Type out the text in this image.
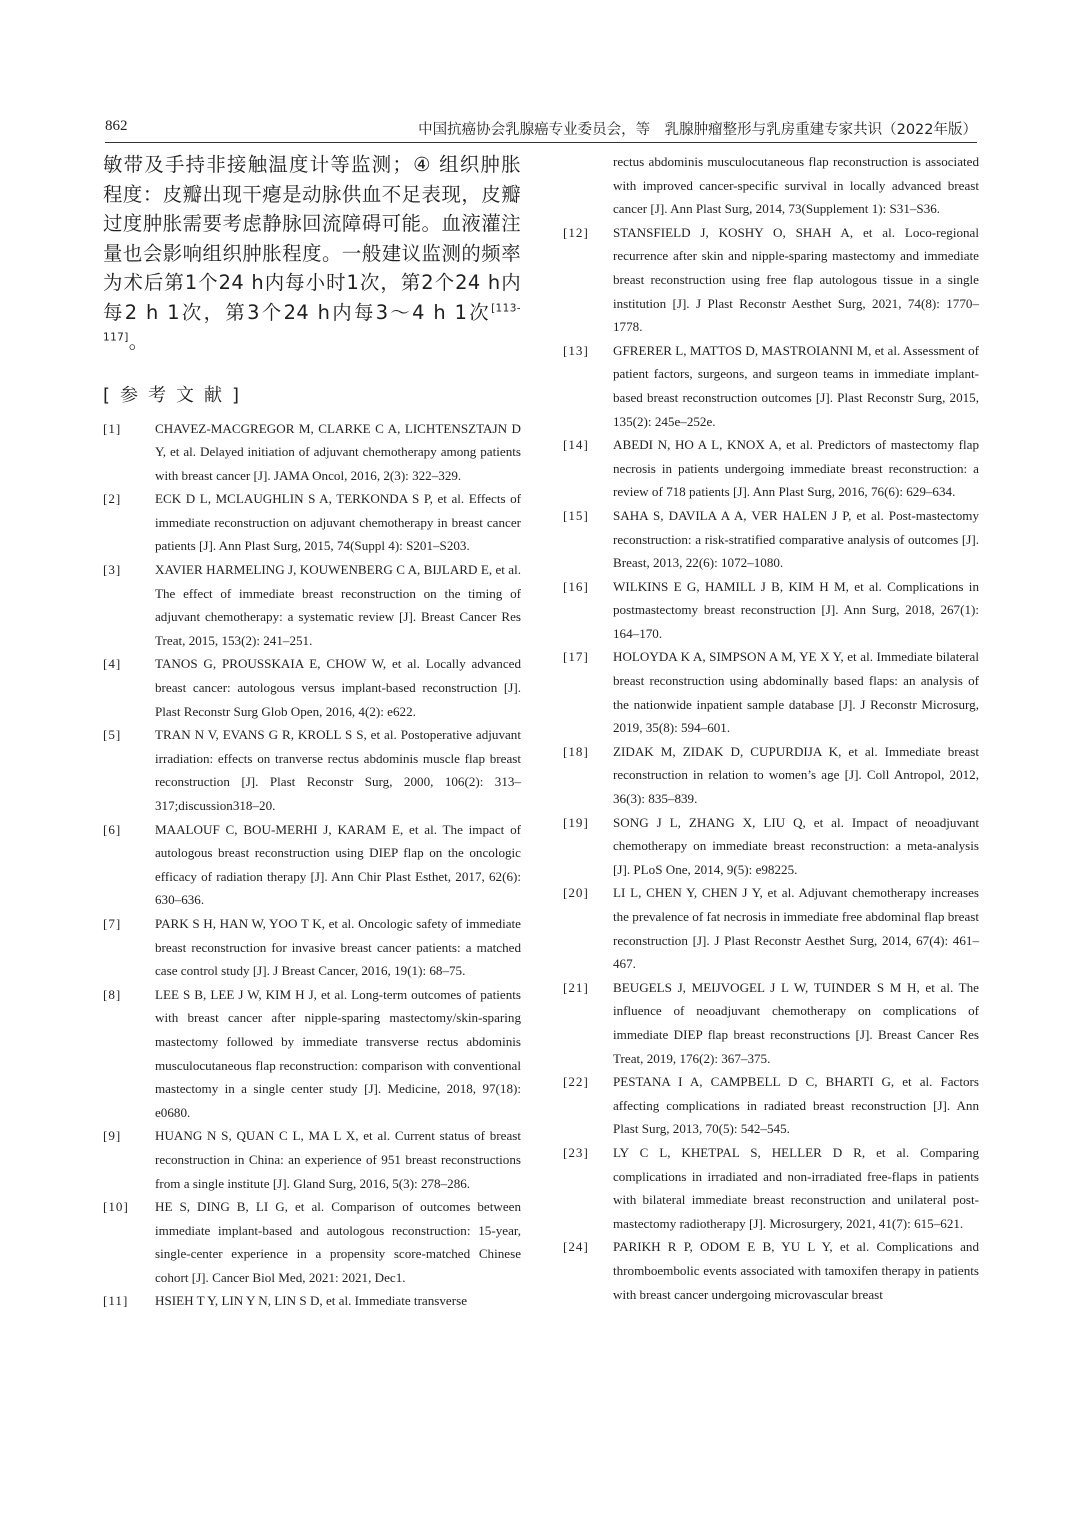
862	中国抗癌协会乳腺癌专业委员会，等　乳腺肿瘤整形与乳房重建专家共识（2022年版）

敏带及手持非接触温度计等监测；④ 组织肿胀程度：皮瓣出现干瘪是动脉供血不足表现，皮瓣过度肿胀需要考虑静脉回流障碍可能。血液灌注量也会影响组织肿胀程度。一般建议监测的频率为术后第1个24 h内每小时1次，第2个24 h内每2 h 1次，第3个24 h内每3～4 h 1次[113-117]。

[参考文献]
[1]	CHAVEZ-MACGREGOR M, CLARKE C A, LICHTENSZTAJN D Y, et al. Delayed initiation of adjuvant chemotherapy among patients with breast cancer [J]. JAMA Oncol, 2016, 2(3): 322–329.
[2]	ECK D L, MCLAUGHLIN S A, TERKONDA S P, et al. Effects of immediate reconstruction on adjuvant chemotherapy in breast cancer patients [J]. Ann Plast Surg, 2015, 74(Suppl 4): S201–S203.
[3]	XAVIER HARMELING J, KOUWENBERG C A, BIJLARD E, et al. The effect of immediate breast reconstruction on the timing of adjuvant chemotherapy: a systematic review [J]. Breast Cancer Res Treat, 2015, 153(2): 241–251.
[4]	TANOS G, PROUSSKAIA E, CHOW W, et al. Locally advanced breast cancer: autologous versus implant-based reconstruction [J]. Plast Reconstr Surg Glob Open, 2016, 4(2): e622.
[5]	TRAN N V, EVANS G R, KROLL S S, et al. Postoperative adjuvant irradiation: effects on tranverse rectus abdominis muscle flap breast reconstruction [J]. Plast Reconstr Surg, 2000, 106(2): 313–317;discussion318–20.
[6]	MAALOUF C, BOU-MERHI J, KARAM E, et al. The impact of autologous breast reconstruction using DIEP flap on the oncologic efficacy of radiation therapy [J]. Ann Chir Plast Esthet, 2017, 62(6): 630–636.
[7]	PARK S H, HAN W, YOO T K, et al. Oncologic safety of immediate breast reconstruction for invasive breast cancer patients: a matched case control study [J]. J Breast Cancer, 2016, 19(1): 68–75.
[8]	LEE S B, LEE J W, KIM H J, et al. Long-term outcomes of patients with breast cancer after nipple-sparing mastectomy/skin-sparing mastectomy followed by immediate transverse rectus abdominis musculocutaneous flap reconstruction: comparison with conventional mastectomy in a single center study [J]. Medicine, 2018, 97(18): e0680.
[9]	HUANG N S, QUAN C L, MA L X, et al. Current status of breast reconstruction in China: an experience of 951 breast reconstructions from a single institute [J]. Gland Surg, 2016, 5(3): 278–286.
[10]	HE S, DING B, LI G, et al. Comparison of outcomes between immediate implant-based and autologous reconstruction: 15-year, single-center experience in a propensity score-matched Chinese cohort [J]. Cancer Biol Med, 2021: 2021, Dec1.
[11]	HSIEH T Y, LIN Y N, LIN S D, et al. Immediate transverse
rectus abdominis musculocutaneous flap reconstruction is associated with improved cancer-specific survival in locally advanced breast cancer [J]. Ann Plast Surg, 2014, 73(Supplement 1): S31–S36.
[12]	STANSFIELD J, KOSHY O, SHAH A, et al. Loco-regional recurrence after skin and nipple-sparing mastectomy and immediate breast reconstruction using free flap autologous tissue in a single institution [J]. J Plast Reconstr Aesthet Surg, 2021, 74(8): 1770–1778.
[13]	GFRERER L, MATTOS D, MASTROIANNI M, et al. Assessment of patient factors, surgeons, and surgeon teams in immediate implant-based breast reconstruction outcomes [J]. Plast Reconstr Surg, 2015, 135(2): 245e–252e.
[14]	ABEDI N, HO A L, KNOX A, et al. Predictors of mastectomy flap necrosis in patients undergoing immediate breast reconstruction: a review of 718 patients [J]. Ann Plast Surg, 2016, 76(6): 629–634.
[15]	SAHA S, DAVILA A A, VER HALEN J P, et al. Post-mastectomy reconstruction: a risk-stratified comparative analysis of outcomes [J]. Breast, 2013, 22(6): 1072–1080.
[16]	WILKINS E G, HAMILL J B, KIM H M, et al. Complications in postmastectomy breast reconstruction [J]. Ann Surg, 2018, 267(1): 164–170.
[17]	HOLOYDA K A, SIMPSON A M, YE X Y, et al. Immediate bilateral breast reconstruction using abdominally based flaps: an analysis of the nationwide inpatient sample database [J]. J Reconstr Microsurg, 2019, 35(8): 594–601.
[18]	ZIDAK M, ZIDAK D, CUPURDIJA K, et al. Immediate breast reconstruction in relation to women’s age [J]. Coll Antropol, 2012, 36(3): 835–839.
[19]	SONG J L, ZHANG X, LIU Q, et al. Impact of neoadjuvant chemotherapy on immediate breast reconstruction: a meta-analysis [J]. PLoS One, 2014, 9(5): e98225.
[20]	LI L, CHEN Y, CHEN J Y, et al. Adjuvant chemotherapy increases the prevalence of fat necrosis in immediate free abdominal flap breast reconstruction [J]. J Plast Reconstr Aesthet Surg, 2014, 67(4): 461–467.
[21]	BEUGELS J, MEIJVOGEL J L W, TUINDER S M H, et al. The influence of neoadjuvant chemotherapy on complications of immediate DIEP flap breast reconstructions [J]. Breast Cancer Res Treat, 2019, 176(2): 367–375.
[22]	PESTANA I A, CAMPBELL D C, BHARTI G, et al. Factors affecting complications in radiated breast reconstruction [J]. Ann Plast Surg, 2013, 70(5): 542–545.
[23]	LY C L, KHETPAL S, HELLER D R, et al. Comparing complications in irradiated and non-irradiated free-flaps in patients with bilateral immediate breast reconstruction and unilateral post-mastectomy radiotherapy [J]. Microsurgery, 2021, 41(7): 615–621.
[24]	PARIKH R P, ODOM E B, YU L Y, et al. Complications and thromboembolic events associated with tamoxifen therapy in patients with breast cancer undergoing microvascular breast
